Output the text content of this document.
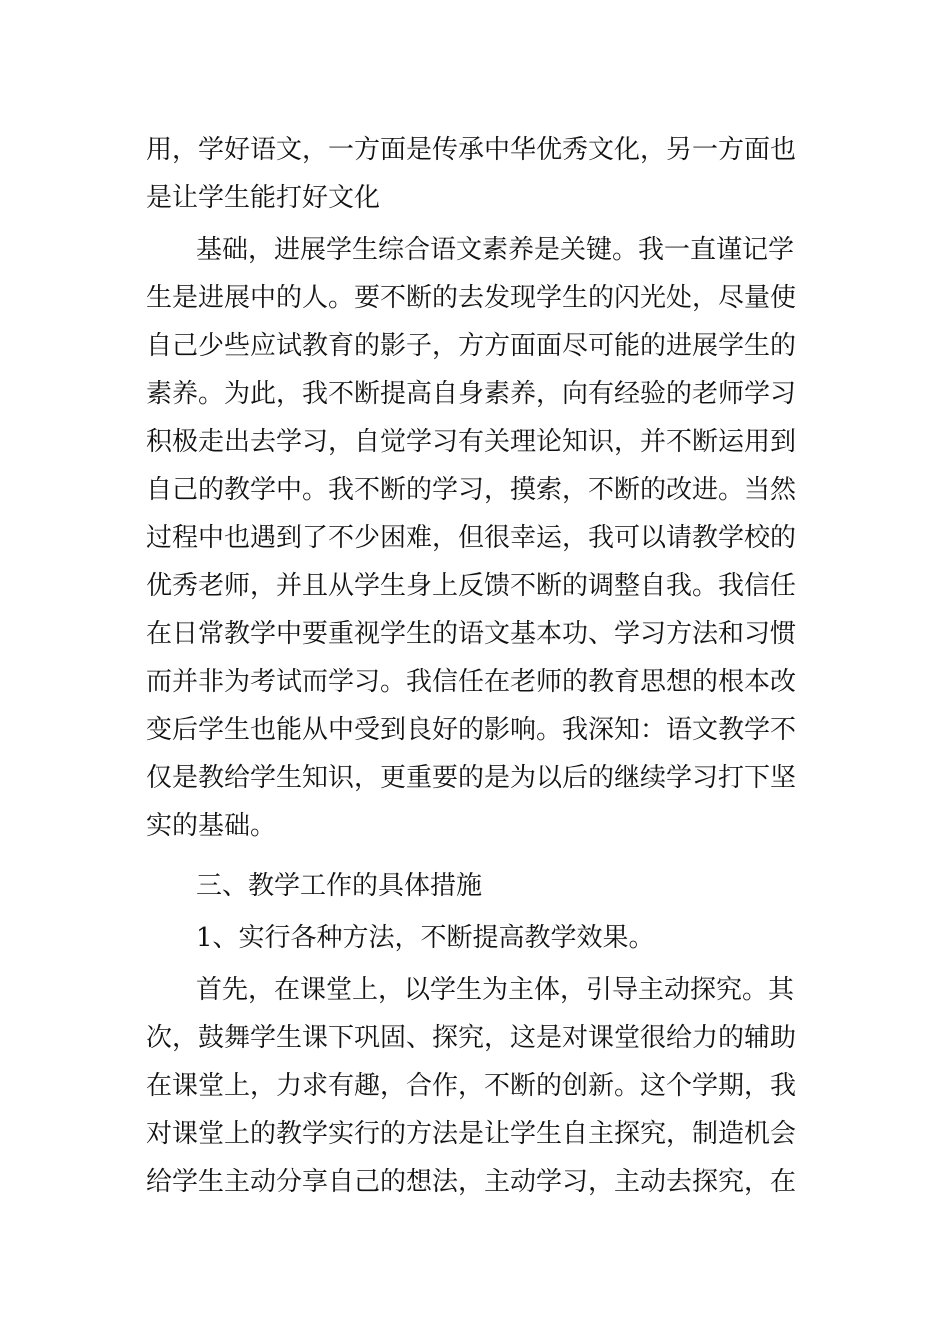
用，学好语文，一方面是传承中华优秀文化，另一方面也
是让学生能打好文化
基础，进展学生综合语文素养是关键。我一直谨记学
生是进展中的人。要不断的去发现学生的闪光处，尽量使
自己少些应试教育的影子，方方面面尽可能的进展学生的
素养。为此，我不断提高自身素养，向有经验的老师学习
积极走出去学习，自觉学习有关理论知识，并不断运用到
自己的教学中。我不断的学习，摸索，不断的改进。当然
过程中也遇到了不少困难，但很幸运，我可以请教学校的
优秀老师，并且从学生身上反馈不断的调整自我。我信任
在日常教学中要重视学生的语文基本功、学习方法和习惯
而并非为考试而学习。我信任在老师的教育思想的根本改
变后学生也能从中受到良好的影响。我深知：语文教学不
仅是教给学生知识，更重要的是为以后的继续学习打下坚
实的基础。
三、教学工作的具体措施
1、实行各种方法，不断提高教学效果。
首先，在课堂上，以学生为主体，引导主动探究。其
次，鼓舞学生课下巩固、探究，这是对课堂很给力的辅助
在课堂上，力求有趣，合作，不断的创新。这个学期，我
对课堂上的教学实行的方法是让学生自主探究，制造机会
给学生主动分享自己的想法，主动学习，主动去探究，在
